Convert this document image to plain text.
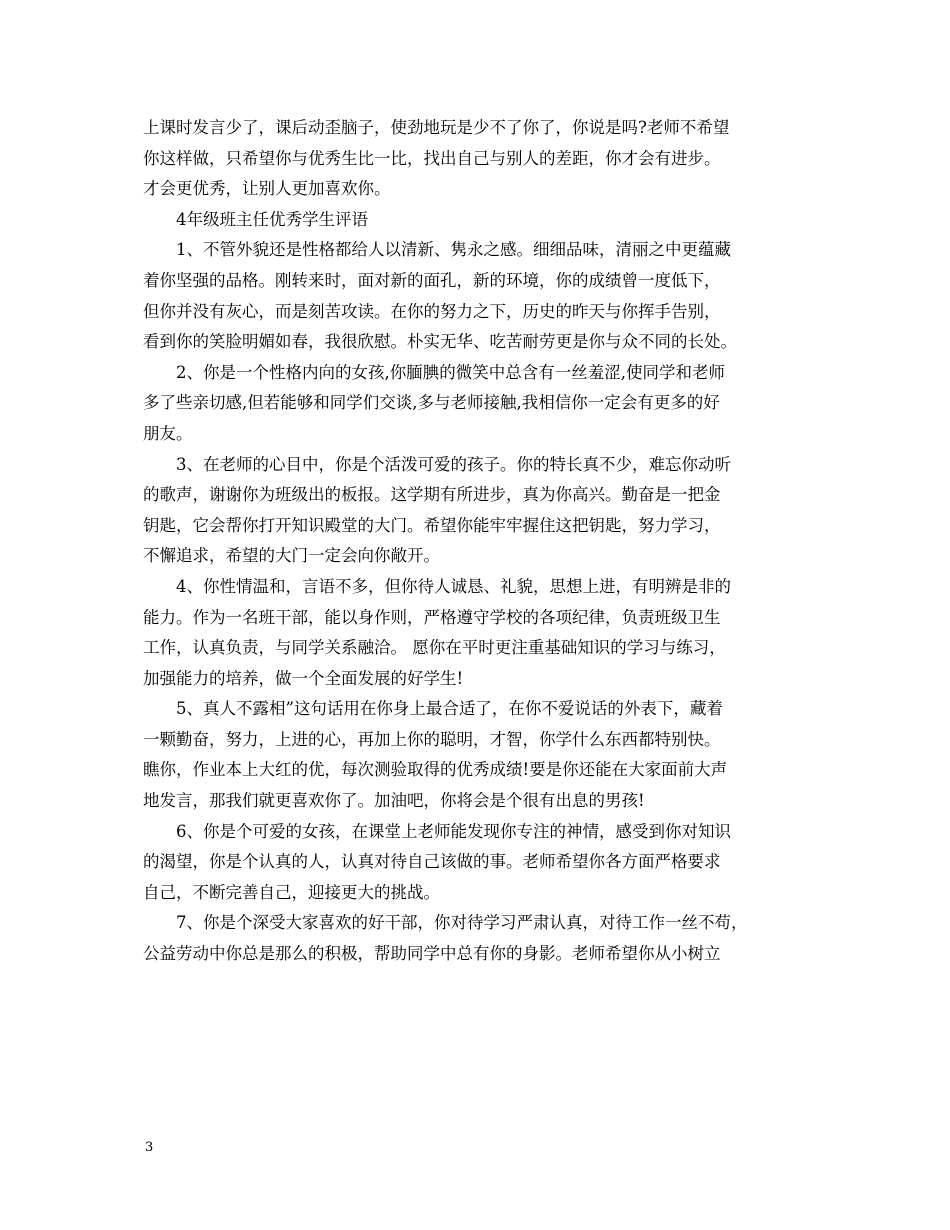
上课时发言少了，课后动歪脑子，使劲地玩是少不了你了，你说是吗?老师不希望
你这样做，只希望你与优秀生比一比，找出自己与别人的差距，你才会有进步。
才会更优秀，让别人更加喜欢你。
4年级班主任优秀学生评语
1、不管外貌还是性格都给人以清新、隽永之感。细细品味，清丽之中更蕴藏
着你坚强的品格。刚转来时，面对新的面孔，新的环境，你的成绩曾一度低下，
但你并没有灰心，而是刻苦攻读。在你的努力之下，历史的昨天与你挥手告别，
看到你的笑脸明媚如春，我很欣慰。朴实无华、吃苦耐劳更是你与众不同的长处。
2、你是一个性格内向的女孩,你腼腆的微笑中总含有一丝羞涩,使同学和老师
多了些亲切感,但若能够和同学们交谈,多与老师接触,我相信你一定会有更多的好
朋友。
3、在老师的心目中，你是个活泼可爱的孩子。你的特长真不少，难忘你动听
的歌声，谢谢你为班级出的板报。这学期有所进步，真为你高兴。勤奋是一把金
钥匙，它会帮你打开知识殿堂的大门。希望你能牢牢握住这把钥匙，努力学习，
不懈追求，希望的大门一定会向你敞开。
4、你性情温和，言语不多，但你待人诚恳、礼貌，思想上进，有明辨是非的
能力。作为一名班干部，能以身作则，严格遵守学校的各项纪律，负责班级卫生
工作，认真负责，与同学关系融洽。 愿你在平时更注重基础知识的学习与练习，
加强能力的培养，做一个全面发展的好学生!
5、真人不露相”这句话用在你身上最合适了，在你不爱说话的外表下，藏着
一颗勤奋，努力，上进的心，再加上你的聪明，才智，你学什么东西都特别快。
瞧你，作业本上大红的优，每次测验取得的优秀成绩!要是你还能在大家面前大声
地发言，那我们就更喜欢你了。加油吧，你将会是个很有出息的男孩!
6、你是个可爱的女孩，在课堂上老师能发现你专注的神情，感受到你对知识
的渴望，你是个认真的人，认真对待自己该做的事。老师希望你各方面严格要求
自己，不断完善自己，迎接更大的挑战。
7、你是个深受大家喜欢的好干部，你对待学习严肃认真，对待工作一丝不苟，
公益劳动中你总是那么的积极，帮助同学中总有你的身影。老师希望你从小树立
3
